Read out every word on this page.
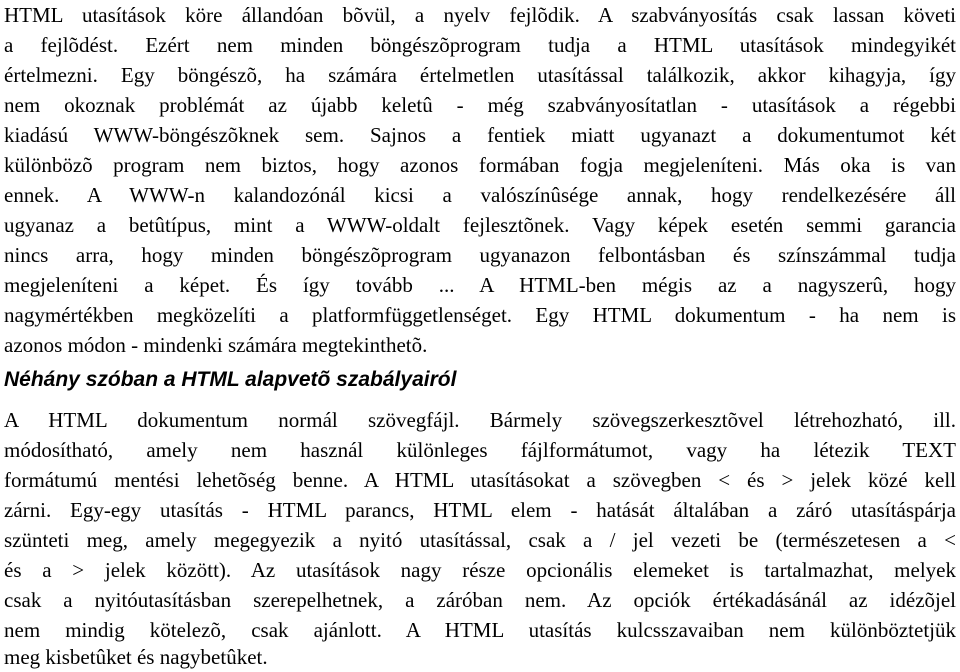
HTML utasítások köre állandóan bõvül, a nyelv fejlõdik. A szabványosítás csak lassan követi
a fejlõdést. Ezért nem minden böngészõprogram tudja a HTML utasítások mindegyikét
értelmezni. Egy böngészõ, ha számára értelmetlen utasítással találkozik, akkor kihagyja, így
nem okoznak problémát az újabb keletû - még szabványosítatlan - utasítások a régebbi
kiadású WWW-böngészõknek sem. Sajnos a fentiek miatt ugyanazt a dokumentumot két
különbözõ program nem biztos, hogy azonos formában fogja megjeleníteni. Más oka is van
ennek. A WWW-n kalandozónál kicsi a valószínûsége annak, hogy rendelkezésére áll
ugyanaz a betûtípus, mint a WWW-oldalt fejlesztõnek. Vagy képek esetén semmi garancia
nincs arra, hogy minden böngészõprogram ugyanazon felbontásban és színszámmal tudja
megjeleníteni a képet. És így tovább ... A HTML-ben mégis az a nagyszerû, hogy
nagymértékben megközelíti a platformfüggetlenséget. Egy HTML dokumentum - ha nem is
azonos módon - mindenki számára megtekinthetõ.
Néhány szóban a HTML alapvetõ szabályairól
A HTML dokumentum normál szövegfájl. Bármely szövegszerkesztõvel létrehozható, ill.
módosítható, amely nem használ különleges fájlformátumot, vagy ha létezik TEXT
formátumú mentési lehetõség benne. A HTML utasításokat a szövegben < és > jelek közé kell
zárni. Egy-egy utasítás - HTML parancs, HTML elem - hatását általában a záró utasításpárja
szünteti meg, amely megegyezik a nyitó utasítással, csak a / jel vezeti be (természetesen a <
és a > jelek között). Az utasítások nagy része opcionális elemeket is tartalmazhat, melyek
csak a nyitóutasításban szerepelhetnek, a záróban nem. Az opciók értékadásánál az idézõjel
nem mindig kötelezõ, csak ajánlott. A HTML utasítás kulcsszavaiban nem különböztetjük
meg kisbetûket és nagybetûket.
